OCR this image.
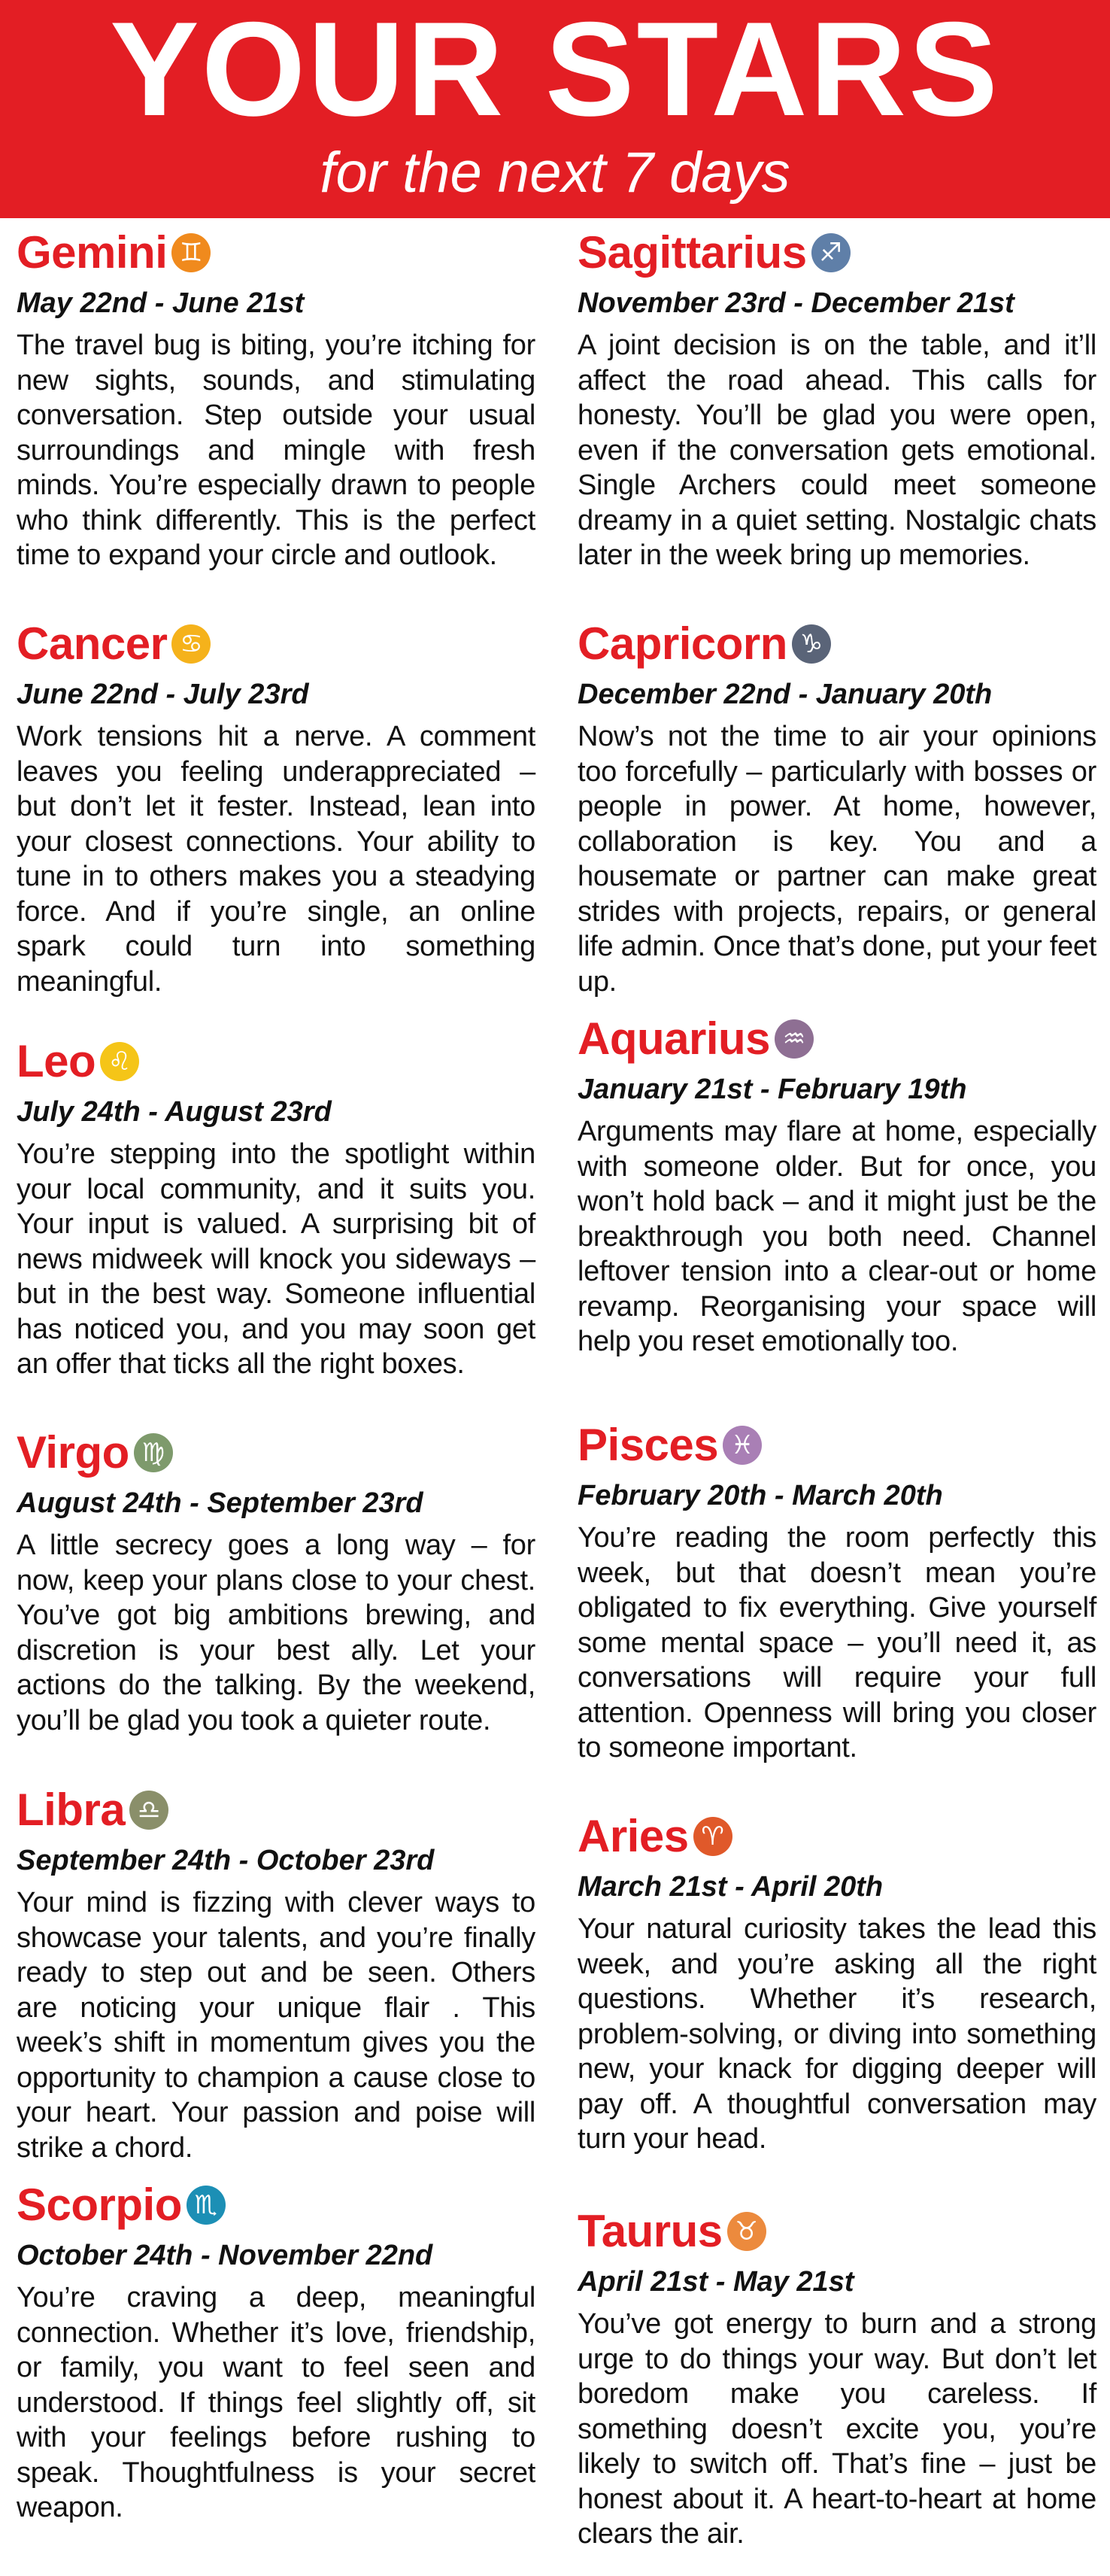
YOUR STARS
for the next 7 days
Gemini ♊
May 22nd - June 21st
The travel bug is biting, you’re itching for new sights, sounds, and stimulating conversation. Step outside your usual surroundings and mingle with fresh minds. You’re especially drawn to people who think differently. This is the perfect time to expand your circle and outlook.
Cancer ♋
June 22nd - July 23rd
Work tensions hit a nerve. A comment leaves you feeling underappreciated – but don’t let it fester. Instead, lean into your closest connections. Your ability to tune in to others makes you a steadying force. And if you’re single, an online spark could turn into something meaningful.
Leo ♌
July 24th - August 23rd
You’re stepping into the spotlight within your local community, and it suits you. Your input is valued. A surprising bit of news midweek will knock you sideways – but in the best way. Someone influential has noticed you, and you may soon get an offer that ticks all the right boxes.
Virgo ♍
August 24th - September 23rd
A little secrecy goes a long way – for now, keep your plans close to your chest. You’ve got big ambitions brewing, and discretion is your best ally. Let your actions do the talking. By the weekend, you’ll be glad you took a quieter route.
Libra ♎
September 24th - October 23rd
Your mind is fizzing with clever ways to showcase your talents, and you’re finally ready to step out and be seen. Others are noticing your unique flair . This week’s shift in momentum gives you the opportunity to champion a cause close to your heart. Your passion and poise will strike a chord.
Scorpio ♏
October 24th - November 22nd
You’re craving a deep, meaningful connection. Whether it’s love, friendship, or family, you want to feel seen and understood. If things feel slightly off, sit with your feelings before rushing to speak. Thoughtfulness is your secret weapon.
Sagittarius ♐
November 23rd - December 21st
A joint decision is on the table, and it’ll affect the road ahead. This calls for honesty. You’ll be glad you were open, even if the conversation gets emotional. Single Archers could meet someone dreamy in a quiet setting. Nostalgic chats later in the week bring up memories.
Capricorn ♑
December 22nd - January 20th
Now’s not the time to air your opinions too forcefully – particularly with bosses or people in power. At home, however, collaboration is key. You and a housemate or partner can make great strides with projects, repairs, or general life admin. Once that’s done, put your feet up.
Aquarius ♒
January 21st - February 19th
Arguments may flare at home, especially with someone older. But for once, you won’t hold back – and it might just be the breakthrough you both need. Channel leftover tension into a clear-out or home revamp. Reorganising your space will help you reset emotionally too.
Pisces ♓
February 20th - March 20th
You’re reading the room perfectly this week, but that doesn’t mean you’re obligated to fix everything. Give yourself some mental space – you’ll need it, as conversations will require your full attention. Openness will bring you closer to someone important.
Aries ♈
March 21st - April 20th
Your natural curiosity takes the lead this week, and you’re asking all the right questions. Whether it’s research, problem-solving, or diving into something new, your knack for digging deeper will pay off. A thoughtful conversation may turn your head.
Taurus ♉
April 21st - May 21st
You’ve got energy to burn and a strong urge to do things your way. But don’t let boredom make you careless. If something doesn’t excite you, you’re likely to switch off. That’s fine – just be honest about it. A heart-to-heart at home clears the air.
